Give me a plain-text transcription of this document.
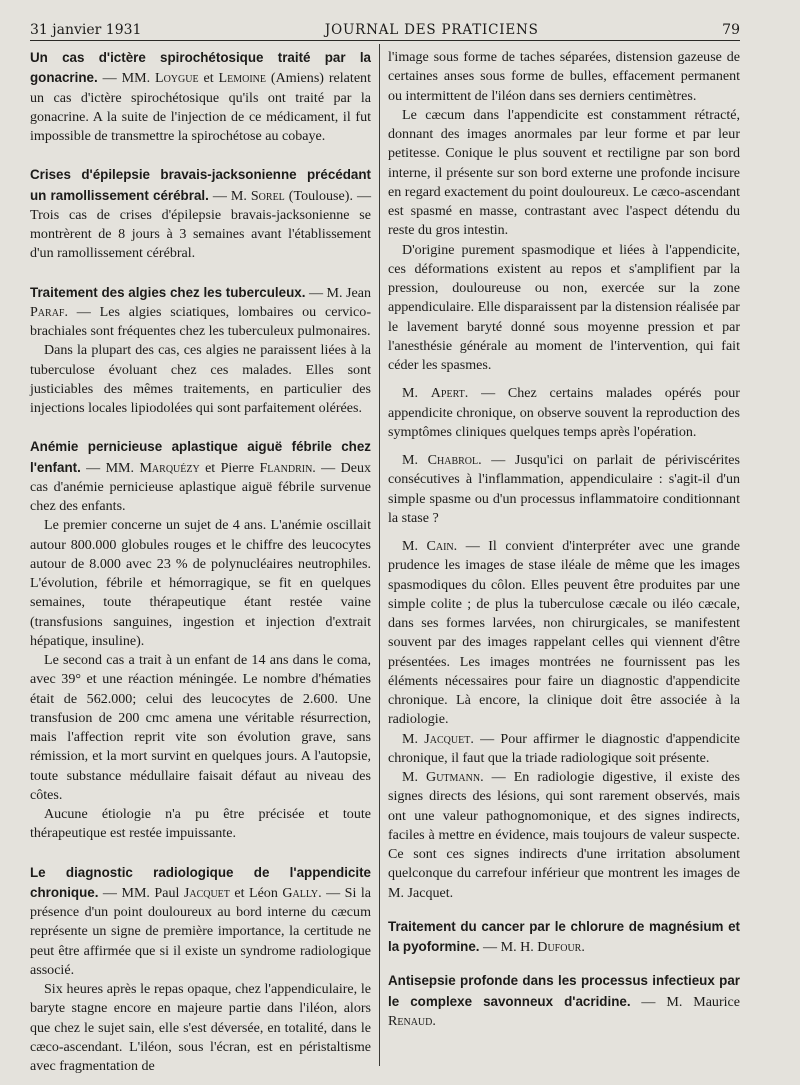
31 janvier 1931	JOURNAL DES PRATICIENS	79

Un cas d'ictère spirochétosique traité par la gonacrine. — MM. Loygue et Lemoine (Amiens) relatent un cas d'ictère spirochétosique qu'ils ont traité par la gonacrine. A la suite de l'injection de ce médicament, il fut impossible de transmettre la spirochétose au cobaye.

Crises d'épilepsie bravais-jacksonienne précédant un ramollissement cérébral. — M. Sorel (Toulouse). — Trois cas de crises d'épilepsie bravais-jacksonienne se montrèrent de 8 jours à 3 semaines avant l'établissement d'un ramollissement cérébral.

Traitement des algies chez les tuberculeux. — M. Jean Paraf. — Les algies sciatiques, lombaires ou cervico-brachiales sont fréquentes chez les tuberculeux pulmonaires.

Dans la plupart des cas, ces algies ne paraissent liées à la tuberculose évoluant chez ces malades. Elles sont justiciables des mêmes traitements, en particulier des injections locales lipiodolées qui sont parfaitement olérées.

Anémie pernicieuse aplastique aiguë fébrile chez l'enfant. — MM. Marquézy et Pierre Flandrin. — Deux cas d'anémie pernicieuse aplastique aiguë fébrile survenue chez des enfants.

Le premier concerne un sujet de 4 ans. L'anémie oscillait autour 800.000 globules rouges et le chiffre des leucocytes autour de 8.000 avec 23 % de polynucléaires neutrophiles. L'évolution, fébrile et hémorragique, se fit en quelques semaines, toute thérapeutique étant restée vaine (transfusions sanguines, ingestion et injection d'extrait hépatique, insuline).

Le second cas a trait à un enfant de 14 ans dans le coma, avec 39° et une réaction méningée. Le nombre d'hématies était de 562.000; celui des leucocytes de 2.600. Une transfusion de 200 cmc amena une véritable résurrection, mais l'affection reprit vite son évolution grave, sans rémission, et la mort survint en quelques jours. A l'autopsie, toute substance médullaire faisait défaut au niveau des côtes.

Aucune étiologie n'a pu être précisée et toute thérapeutique est restée impuissante.

Le diagnostic radiologique de l'appendicite chronique. — MM. Paul Jacquet et Léon Gally. — Si la présence d'un point douloureux au bord interne du cæcum représente un signe de première importance, la certitude ne peut être affirmée que si il existe un syndrome radiologique associé.

Six heures après le repas opaque, chez l'appendiculaire, le baryte stagne encore en majeure partie dans l'iléon, alors que chez le sujet sain, elle s'est déversée, en totalité, dans le cæco-ascendant. L'iléon, sous l'écran, est en péristaltisme avec fragmentation de

l'image sous forme de taches séparées, distension gazeuse de certaines anses sous forme de bulles, effacement permanent ou intermittent de l'iléon dans ses derniers centimètres.

Le cæcum dans l'appendicite est constamment rétracté, donnant des images anormales par leur forme et par leur petitesse. Conique le plus souvent et rectiligne par son bord interne, il présente sur son bord externe une profonde incisure en regard exactement du point douloureux. Le cæco-ascendant est spasmé en masse, contrastant avec l'aspect détendu du reste du gros intestin.

D'origine purement spasmodique et liées à l'appendicite, ces déformations existent au repos et s'amplifient par la pression, douloureuse ou non, exercée sur la zone appendiculaire. Elle disparaissent par la distension réalisée par le lavement baryté donné sous moyenne pression et par l'anesthésie générale au moment de l'intervention, qui fait céder les spasmes.

M. Apert. — Chez certains malades opérés pour appendicite chronique, on observe souvent la reproduction des symptômes cliniques quelques temps après l'opération.

M. Chabrol. — Jusqu'ici on parlait de périviscérites consécutives à l'inflammation, appendiculaire : s'agit-il d'un simple spasme ou d'un processus inflammatoire conditionnant la stase ?

M. Cain. — Il convient d'interpréter avec une grande prudence les images de stase iléale de même que les images spasmodiques du côlon. Elles peuvent être produites par une simple colite ; de plus la tuberculose cæcale ou iléo cæcale, dans ses formes larvées, non chirurgicales, se manifestent souvent par des images rappelant celles qui viennent d'être présentées. Les images montrées ne fournissent pas les éléments nécessaires pour faire un diagnostic d'appendicite chronique. Là encore, la clinique doit être associée à la radiologie.

M. Jacquet. — Pour affirmer le diagnostic d'appendicite chronique, il faut que la triade radiologique soit présente.

M. Gutmann. — En radiologie digestive, il existe des signes directs des lésions, qui sont rarement observés, mais ont une valeur pathognomonique, et des signes indirects, faciles à mettre en évidence, mais toujours de valeur suspecte. Ce sont ces signes indirects d'une irritation absolument quelconque du carrefour inférieur que montrent les images de M. Jacquet.

Traitement du cancer par le chlorure de magnésium et la pyoformine. — M. H. Dufour.

Antisepsie profonde dans les processus infectieux par le complexe savonneux d'acridine. — M. Maurice Renaud.
